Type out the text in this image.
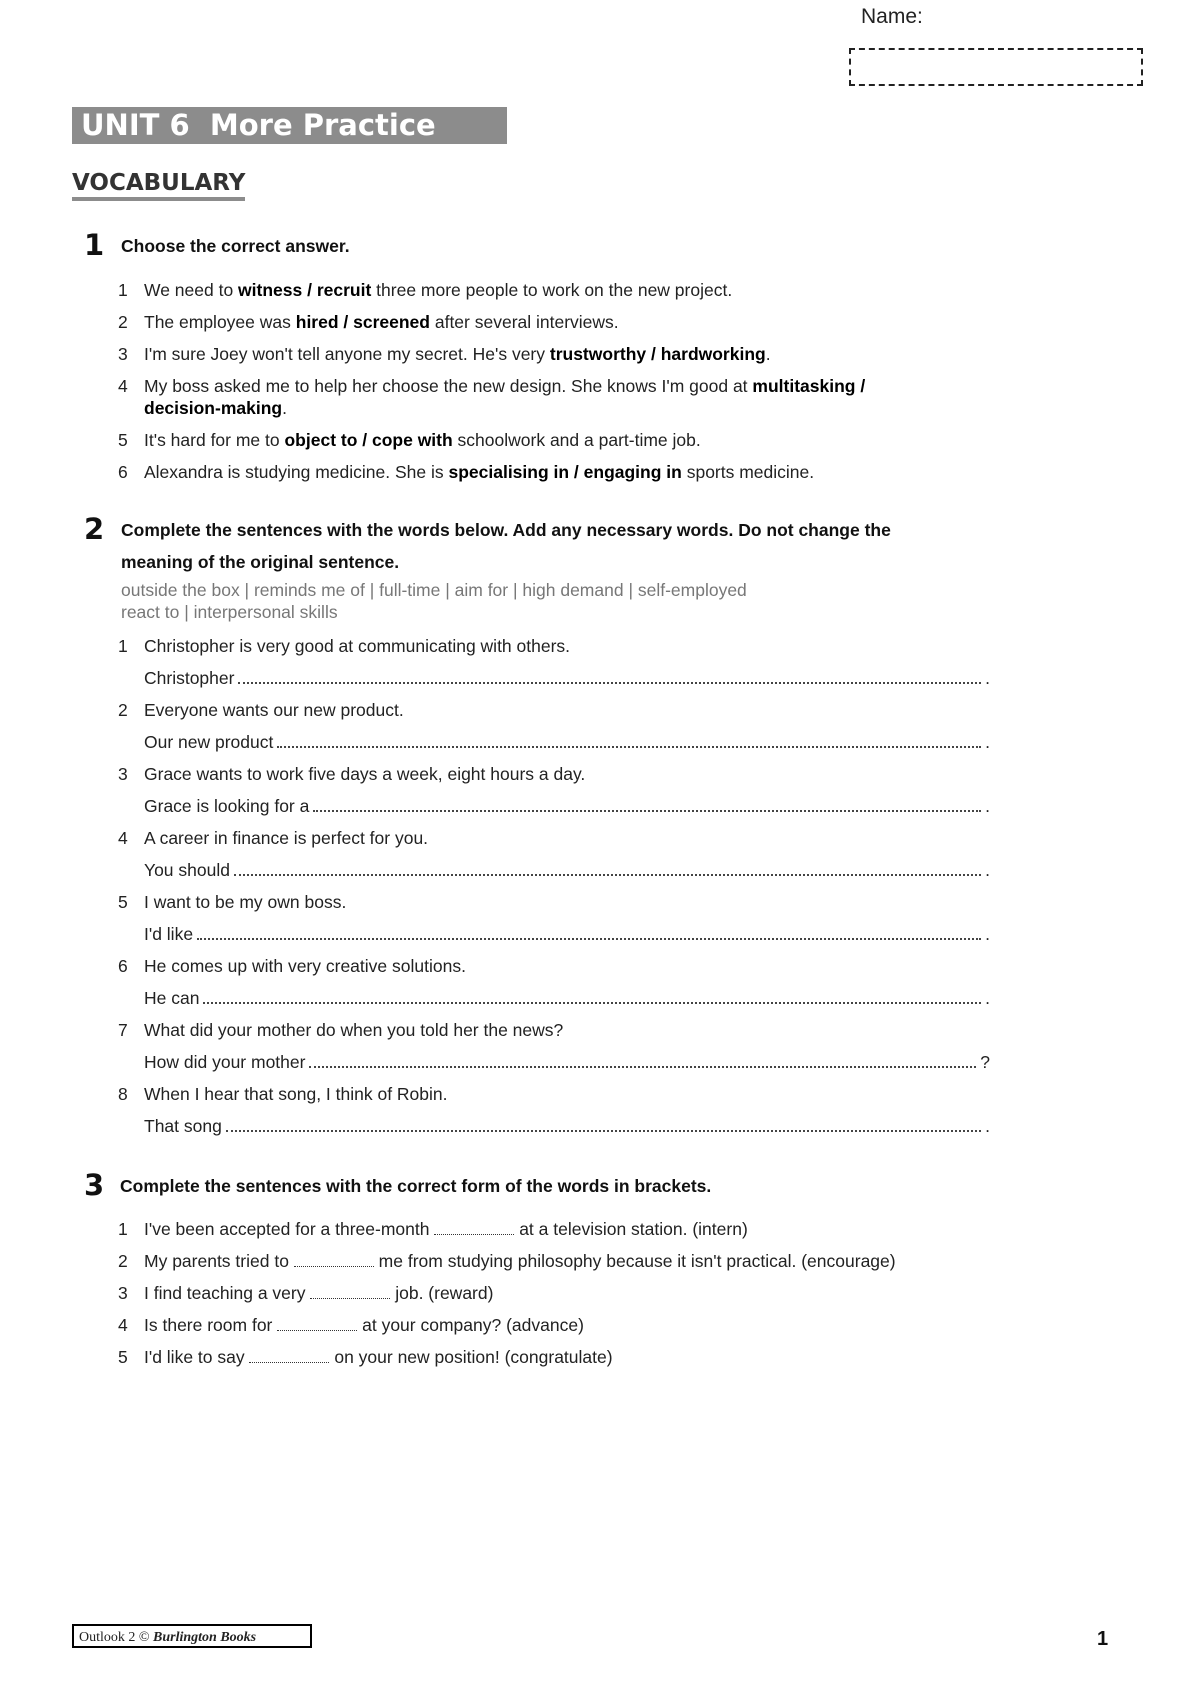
Name:
UNIT 6  More Practice
VOCABULARY
1 Choose the correct answer.
1 We need to witness / recruit three more people to work on the new project.
2 The employee was hired / screened after several interviews.
3 I'm sure Joey won't tell anyone my secret. He's very trustworthy / hardworking.
4 My boss asked me to help her choose the new design. She knows I'm good at multitasking /
decision-making.
5 It's hard for me to object to / cope with schoolwork and a part-time job.
6 Alexandra is studying medicine. She is specialising in / engaging in sports medicine.
2 Complete the sentences with the words below. Add any necessary words. Do not change the
meaning of the original sentence.
outside the box | reminds me of | full-time | aim for | high demand | self-employed
react to | interpersonal skills
1 Christopher is very good at communicating with others.
Christopher	.
2 Everyone wants our new product.
Our new product	.
3 Grace wants to work five days a week, eight hours a day.
Grace is looking for a	.
4 A career in finance is perfect for you.
You should	.
5 I want to be my own boss.
I'd like	.
6 He comes up with very creative solutions.
He can	.
7 What did your mother do when you told her the news?
How did your mother	?
8 When I hear that song, I think of Robin.
That song	.
3 Complete the sentences with the correct form of the words in brackets.
1 I've been accepted for a three-month	at a television station. (intern)
2 My parents tried to	me from studying philosophy because it isn't practical. (encourage)
3 I find teaching a very	job. (reward)
4 Is there room for	at your company? (advance)
5 I'd like to say	on your new position! (congratulate)
Outlook 2 © Burlington Books	1
